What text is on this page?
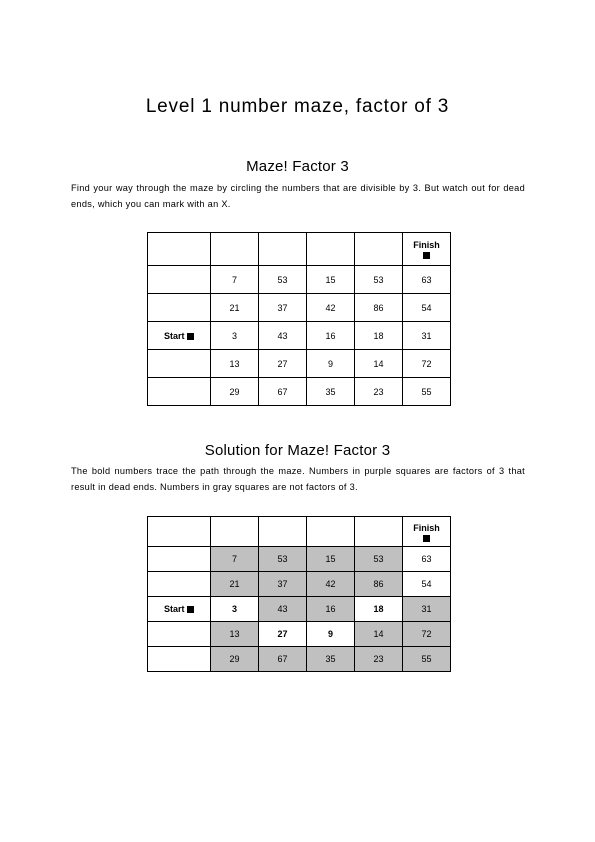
Level 1 number maze, factor of 3
Maze! Factor 3
Find your way through the maze by circling the numbers that are divisible by 3. But watch out for dead ends, which you can mark with an X.

					Finish

	7	53	15	53	63
	21	37	42	86	54
Start	3	43	16	18	31
	13	27	9	14	72
	29	67	35	23	55
Solution for Maze! Factor 3
The bold numbers trace the path through the maze. Numbers in purple squares are factors of 3 that result in dead ends. Numbers in gray squares are not factors of 3.

					Finish

	7	53	15	53	63
	21	37	42	86	54
Start	3	43	16	18	31
	13	27	9	14	72
	29	67	35	23	55
